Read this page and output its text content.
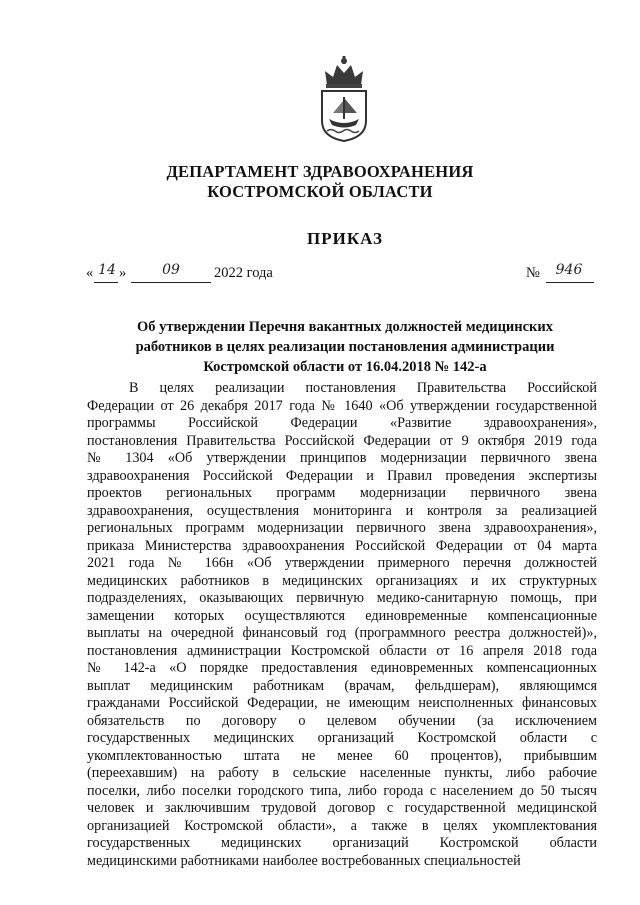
ДЕПАРТАМЕНТ ЗДРАВООХРАНЕНИЯ
КОСТРОМСКОЙ ОБЛАСТИ
ПРИКАЗ
« 14 »	09	2022 года	№	946
Об утверждении Перечня вакантных должностей медицинских
работников в целях реализации постановления администрации
Костромской области от 16.04.2018 № 142-а
В целях реализации постановления Правительства Российской
Федерации от 26 декабря 2017 года № 1640 «Об утверждении государственной
программы Российской Федерации «Развитие здравоохранения»,
постановления Правительства Российской Федерации от 9 октября 2019 года
№ 1304 «Об утверждении принципов модернизации первичного звена
здравоохранения Российской Федерации и Правил проведения экспертизы
проектов региональных программ модернизации первичного звена
здравоохранения, осуществления мониторинга и контроля за реализацией
региональных программ модернизации первичного звена здравоохранения»,
приказа Министерства здравоохранения Российской Федерации от 04 марта
2021 года № 166н «Об утверждении примерного перечня должностей
медицинских работников в медицинских организациях и их структурных
подразделениях, оказывающих первичную медико-санитарную помощь, при
замещении которых осуществляются единовременные компенсационные
выплаты на очередной финансовый год (программного реестра должностей)»,
постановления администрации Костромской области от 16 апреля 2018 года
№ 142-а «О порядке предоставления единовременных компенсационных
выплат медицинским работникам (врачам, фельдшерам), являющимся
гражданами Российской Федерации, не имеющим неисполненных финансовых
обязательств по договору о целевом обучении (за исключением
государственных медицинских организаций Костромской области с
укомплектованностью штата не менее 60 процентов), прибывшим
(переехавшим) на работу в сельские населенные пункты, либо рабочие
поселки, либо поселки городского типа, либо города с населением до 50 тысяч
человек и заключившим трудовой договор с государственной медицинской
организацией Костромской области», а также в целях укомплектования
государственных медицинских организаций Костромской области
медицинскими работниками наиболее востребованных специальностей
